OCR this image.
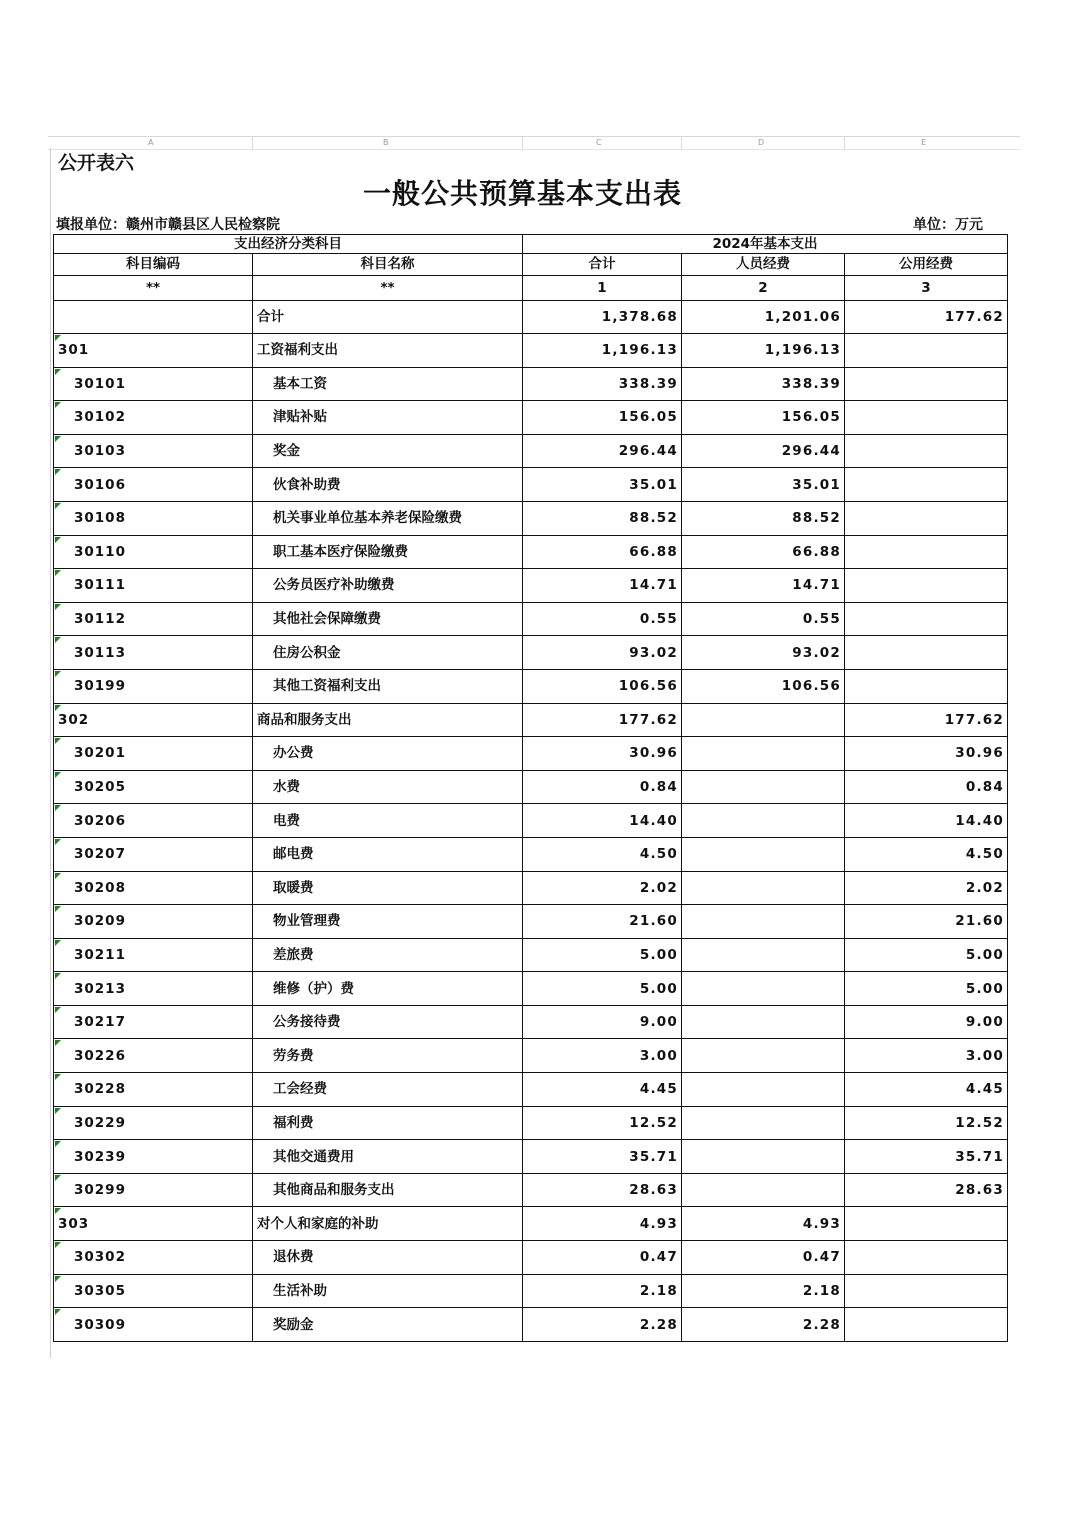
A	B	C	D	E
公开表六
一般公共预算基本支出表
填报单位：赣州市赣县区人民检察院	单位：万元
支出经济分类科目		2024年基本支出		
科目编码	科目名称	合计	人员经费	公用经费
**	**	1	2	3
	合计	1,378.68	1,201.06	177.62
301	工资福利支出	1,196.13	1,196.13	
30101	基本工资	338.39	338.39	
30102	津贴补贴	156.05	156.05	
30103	奖金	296.44	296.44	
30106	伙食补助费	35.01	35.01	
30108	机关事业单位基本养老保险缴费	88.52	88.52	
30110	职工基本医疗保险缴费	66.88	66.88	
30111	公务员医疗补助缴费	14.71	14.71	
30112	其他社会保障缴费	0.55	0.55	
30113	住房公积金	93.02	93.02	
30199	其他工资福利支出	106.56	106.56	
302	商品和服务支出	177.62		177.62
30201	办公费	30.96		30.96
30205	水费	0.84		0.84
30206	电费	14.40		14.40
30207	邮电费	4.50		4.50
30208	取暖费	2.02		2.02
30209	物业管理费	21.60		21.60
30211	差旅费	5.00		5.00
30213	维修（护）费	5.00		5.00
30217	公务接待费	9.00		9.00
30226	劳务费	3.00		3.00
30228	工会经费	4.45		4.45
30229	福利费	12.52		12.52
30239	其他交通费用	35.71		35.71
30299	其他商品和服务支出	28.63		28.63
303	对个人和家庭的补助	4.93	4.93	
30302	退休费	0.47	0.47	
30305	生活补助	2.18	2.18	
30309	奖励金	2.28	2.28	
